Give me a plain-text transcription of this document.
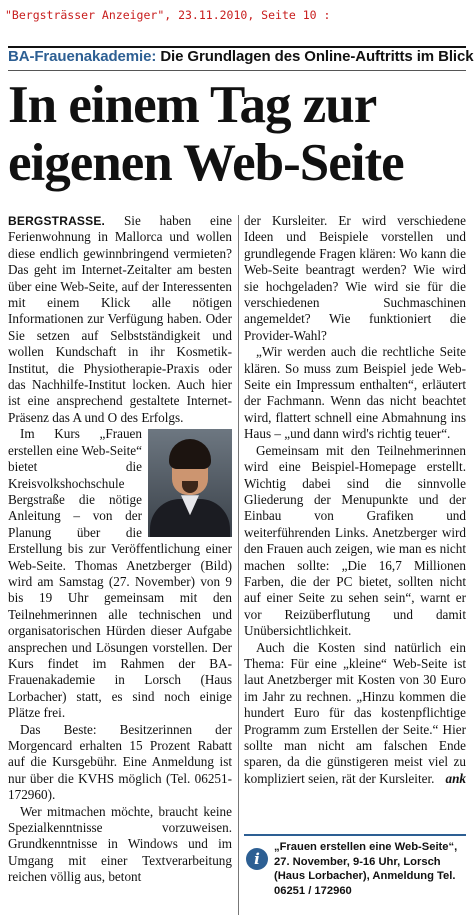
"Bergsträsser Anzeiger", 23.11.2010, Seite 10 :
BA-Frauenakademie: Die Grundlagen des Online-Auftritts im Blick
In einem Tag zur
eigenen Web-Seite

BERGSTRASSE. Sie haben eine Ferienwohnung in Mallorca und wollen diese endlich gewinnbringend vermieten? Das geht im Internet-Zeitalter am besten über eine Web-Seite, auf der Interessenten mit einem Klick alle nötigen Informationen zur Verfügung haben. Oder Sie setzen auf Selbstständigkeit und wollen Kundschaft in ihr Kosmetik-Institut, die Physiotherapie-Praxis oder das Nachhilfe-Institut locken. Auch hier ist eine ansprechend gestaltete Internet-Präsenz das A und O des Erfolgs.

Im Kurs „Frauen erstellen eine Web-Seite“ bietet die Kreisvolkshochschule Bergstraße die nötige Anleitung – von der Planung über die Erstellung bis zur Veröffentlichung einer Web-Seite. Thomas Anetzberger (Bild) wird am Samstag (27. November) von 9 bis 19 Uhr gemeinsam mit den Teilnehmerinnen alle technischen und organisatorischen Hürden dieser Aufgabe ansprechen und Lösungen vorstellen. Der Kurs findet im Rahmen der BA-Frauenakademie in Lorsch (Haus Lorbacher) statt, es sind noch einige Plätze frei.

Das Beste: Besitzerinnen der Morgencard erhalten 15 Prozent Rabatt auf die Kursgebühr. Eine Anmeldung ist nur über die KVHS möglich (Tel. 06251-172960).

Wer mitmachen möchte, braucht keine Spezialkenntnisse vorzuweisen. Grundkenntnisse in Windows und im Umgang mit einer Textverarbeitung reichen völlig aus, betont

der Kursleiter. Er wird verschiedene Ideen und Beispiele vorstellen und grundlegende Fragen klären: Wo kann die Web-Seite beantragt werden? Wie wird sie hochgeladen? Wie wird sie für die verschiedenen Suchmaschinen angemeldet? Wie funktioniert die Provider-Wahl?

„Wir werden auch die rechtliche Seite klären. So muss zum Beispiel jede Web-Seite ein Impressum enthalten“, erläutert der Fachmann. Wenn das nicht beachtet wird, flattert schnell eine Abmahnung ins Haus – „und dann wird's richtig teuer“.

Gemeinsam mit den Teilnehmerinnen wird eine Beispiel-Homepage erstellt. Wichtig dabei sind die sinnvolle Gliederung der Menupunkte und der Einbau von Grafiken und weiterführenden Links. Anetzberger wird den Frauen auch zeigen, wie man es nicht machen sollte: „Die 16,7 Millionen Farben, die der PC bietet, sollten nicht auf einer Seite zu sehen sein“, warnt er vor Reizüberflutung und damit Unübersichtlichkeit.

Auch die Kosten sind natürlich ein Thema: Für eine „kleine“ Web-Seite ist laut Anetzberger mit Kosten von 30 Euro im Jahr zu rechnen. „Hinzu kommen die hundert Euro für das kostenpflichtige Programm zum Erstellen der Seite.“ Hier sollte man nicht am falschen Ende sparen, da die günstigeren meist viel zu kompliziert seien, rät der Kursleiter. ank

i
„Frauen erstellen eine Web-Seite“, 27. November, 9-16 Uhr, Lorsch (Haus Lorbacher), Anmeldung Tel. 06251 / 172960
